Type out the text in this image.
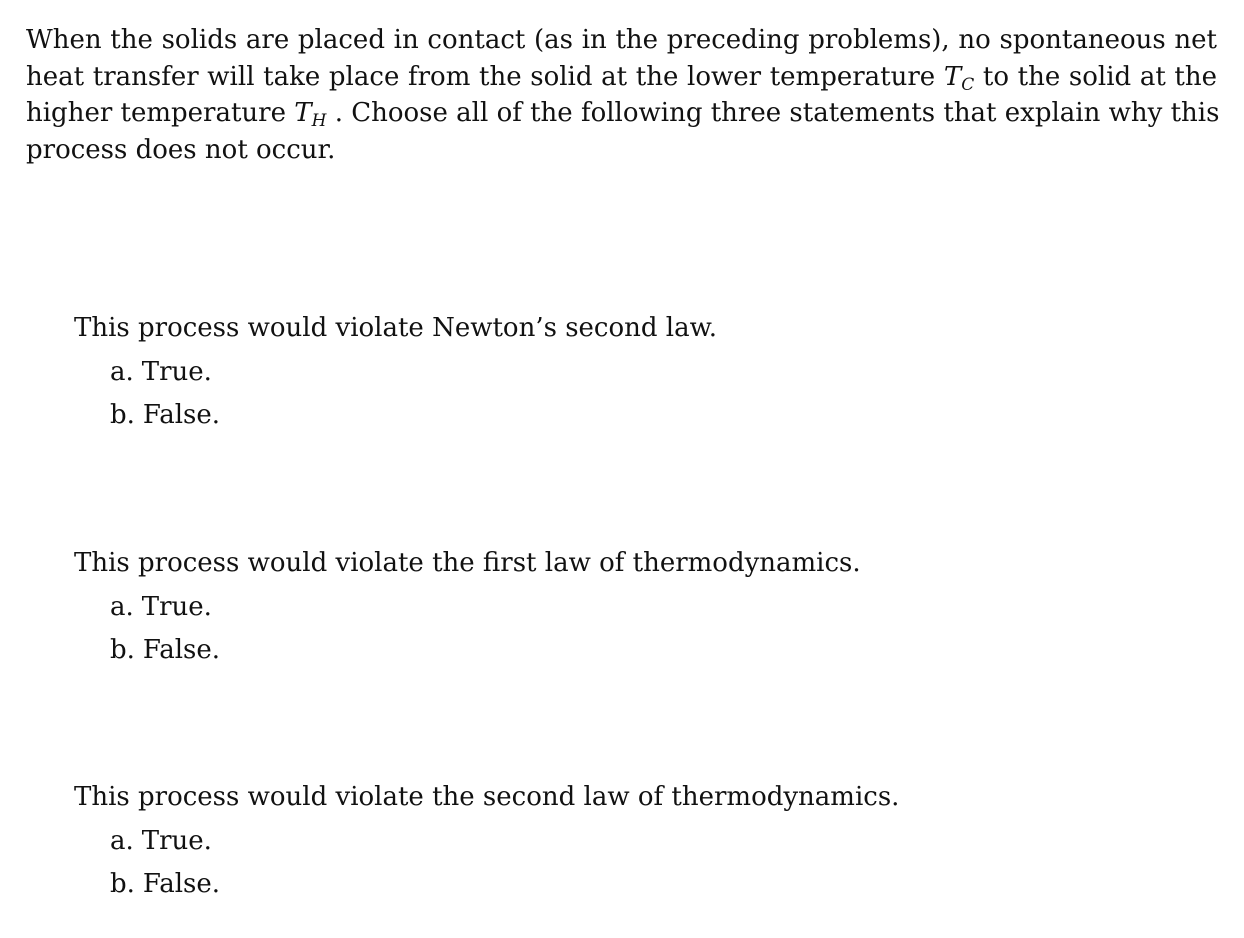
When the solids are placed in contact (as in the preceding problems), no spontaneous net
heat transfer will take place from the solid at the lower temperature $T_C$ to the solid at the
higher temperature $T_H$ . Choose all of the following three statements that explain why this
process does not occur.

This process would violate Newton’s second law.

a. True.
b. False.

This process would violate the first law of thermodynamics.

a. True.
b. False.

This process would violate the second law of thermodynamics.

a. True.
b. False.
